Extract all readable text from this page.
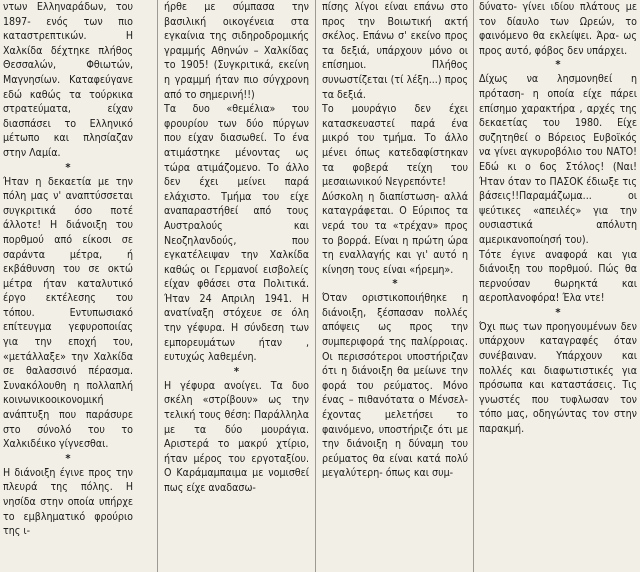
ντων Ελληναράδων, του 1897- ενός των πιο καταστρεπτικών. Η Χαλκίδα δέχτηκε πλήθος Θεσσαλών, Φθιωτών, Μαγνησίων. Καταφεύγανε εδώ καθώς τα τούρκικα στρατεύματα, είχαν διασπάσει το Ελληνικό μέτωπο και πλησίαζαν στην Λαμία.

*

Ήταν η δεκαετία με την πόλη μας ν' αναπτύσσεται συγκριτικά όσο ποτέ άλλοτε! Η διάνοιξη του πορθμού από είκοσι σε σαράντα μέτρα, ή εκβάθυνση του σε οκτώ μέτρα ήταν καταλυτικό έργο εκτέλεσης του τόπου. Εντυπωσιακό επίτευγμα γεφυροποιίας για την εποχή του, «μετάλλαξε» την Χαλκίδα σε θαλασσινό πέρασμα. Συνακόλουθη η πολλαπλή κοινωνικοοικονομική ανάπτυξη που παράσυρε στο σύνολό του το Χαλκιδέικο γίγνεσθαι.

*

Η διάνοιξη έγινε προς την πλευρά της πόλης. Η νησίδα στην οποία υπήρχε το εμβληματικό φρούριο της ι-

ήρθε με σύμπασα την βασιλική οικογένεια στα εγκαίνια της σιδηροδρομικής γραμμής Αθηνών – Χαλκίδας το 1905! (Συγκριτικά, εκείνη η γραμμή ήταν πιο σύγχρονη από το σημερινή!!)

Τα δυο «θεμέλια» του φρουρίου των δύο πύργων που είχαν διασωθεί. Το ένα ατιμάστηκε μένοντας ως τώρα ατιμάζομενο. Το άλλο δεν έχει μείνει παρά ελάχιστο. Τμήμα του είχε αναπαραστήθεί από τους Αυστραλούς και Νεοζηλανδούς, που εγκατέλειψαν την Χαλκίδα καθώς οι Γερμανοί εισβολείς είχαν φθάσει στα Πολιτικά. Ήταν 24 Απριλη 1941. Η ανατίναξη στόχευε σε όλη την γέφυρα. Η σύνδεση των εμπορευμάτων ήταν , ευτυχώς λαθεμένη.

*

Η γέφυρα ανοίγει. Τα δυο σκέλη «στρίβουν» ως την τελική τους θέση: Παράλληλα με τα δύο μουράγια. Αριστερά το μακρύ χτίριο, ήταν μέρος του εργοταξίου. Ο Καράμαμπαιμα με νομισθεί πως είχε αναδασω-

πίσης λίγοι είναι επάνω στο προς την Βοιωτική ακτή σκέλος. Επάνω σ' εκείνο προς τα δεξιά, υπάρχουν μόνο οι επίσημοι. Πλήθος συνωστίζεται (τί λέξη...) προς τα δεξιά.

Το μουράγιο δεν έχει κατασκευαστεί παρά ένα μικρό του τμήμα. Το άλλο μένει όπως κατεδαφίστηκαν τα φοβερά τείχη του μεσαιωνικού Νεγρεπόντε!

Δύσκολη η διαπίστωση- αλλά καταγράφεται. Ο Εύριπος τα νερά του τα «τρέχαν» προς το βορρά. Είναι η πρώτη ώρα τη εναλλαγής και γι' αυτό η κίνηση τους είναι «ήρεμη».

*

Όταν οριστικοποιήθηκε η διάνοιξη, ξέσπασαν πολλές απόψεις ως προς την συμπεριφορά της παλίρροιας. Οι περισσότεροι υποστήριζαν ότι η διάνοιξη θα μείωνε την φορά του ρεύματος. Μόνο ένας – πιθανότατα ο Μένσελ- έχοντας μελετήσει το φαινόμενο, υποστήριζε ότι με την διάνοιξη η δύναμη του ρεύματος θα είναι κατά πολύ μεγαλύτερη- όπως και συμ-

δύνατο- γίνει ιδίου πλάτους με τον δίαυλο των Ωρεών, το φαινόμενο θα εκλείψει. Άρα- ως προς αυτό, φόβος δεν υπάρχει.

*

Δίχως να λησμονηθεί η πρόταση- η οποία είχε πάρει επίσημο χαρακτήρα , αρχές της δεκαετίας του 1980. Είχε συζητηθεί ο Βόρειος Ευβοϊκός να γίνει αγκυροβόλιο του ΝΑΤΟ! Εδώ κι ο 6ος Στόλος! (Ναι! Ήταν όταν το ΠΑΣΟΚ έδιωξε τις βάσεις!!Παραμάζωμα... οι ψεύτικες «απειλές» για την ουσιαστικά απόλυτη αμερικανοποίησή του).

Τότε έγινε αναφορά και για διάνοιξη του πορθμού. Πώς θα περνούσαν θωρηκτά και αεροπλανοφόρα! Έλα ντε!

*

Όχι πως των προηγουμένων δεν υπάρχουν καταγραφές όταν συνέβαιναν. Υπάρχουν και πολλές και διαφωτιστικές για πρόσωπα και καταστάσεις. Τις γνωστές που τυφλωσαν τον τόπο μας, οδηγώντας τον στην παρακμή.
